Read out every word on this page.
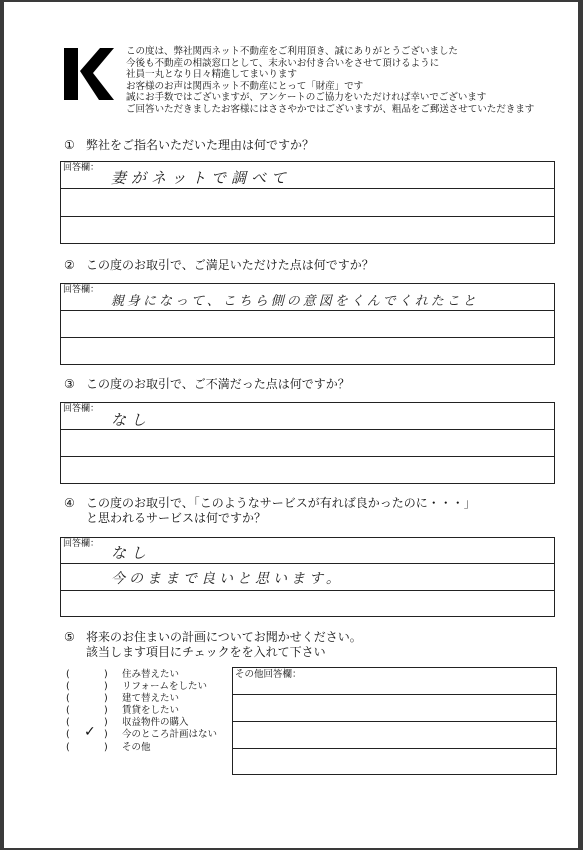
この度は、弊社関西ネット不動産をご利用頂き、誠にありがとうございました
今後も不動産の相談窓口として、末永いお付き合いをさせて頂けるように
社員一丸となり日々精進してまいります
お客様のお声は関西ネット不動産にとって「財産」です
誠にお手数ではございますが、アンケートのご協力をいただければ幸いでございます
ご回答いただきましたお客様にはささやかではございますが、粗品をご郵送させていただきます
① 弊社をご指名いただいた理由は何ですか？
回答欄：
妻がネットで調べて
② この度のお取引で、ご満足いただけた点は何ですか？
回答欄：
親身になって、こちら側の意図をくんでくれたこと
③ この度のお取引で、ご不満だった点は何ですか？
回答欄：
なし
④ この度のお取引で、「このようなサービスが有れば良かったのに・・・」
と思われるサービスは何ですか？
回答欄： なし
今のままで良いと思います。
⑤ 将来のお住まいの計画についてお聞かせください。
該当します項目にチェックをを入れて下さい
(	) 住み替えたい
(	) リフォームをしたい
(	) 建て替えたい
(	) 賃貸をしたい
(	) 収益物件の購入
( ✓ ) 今のところ計画はない
(	) その他
その他回答欄：
